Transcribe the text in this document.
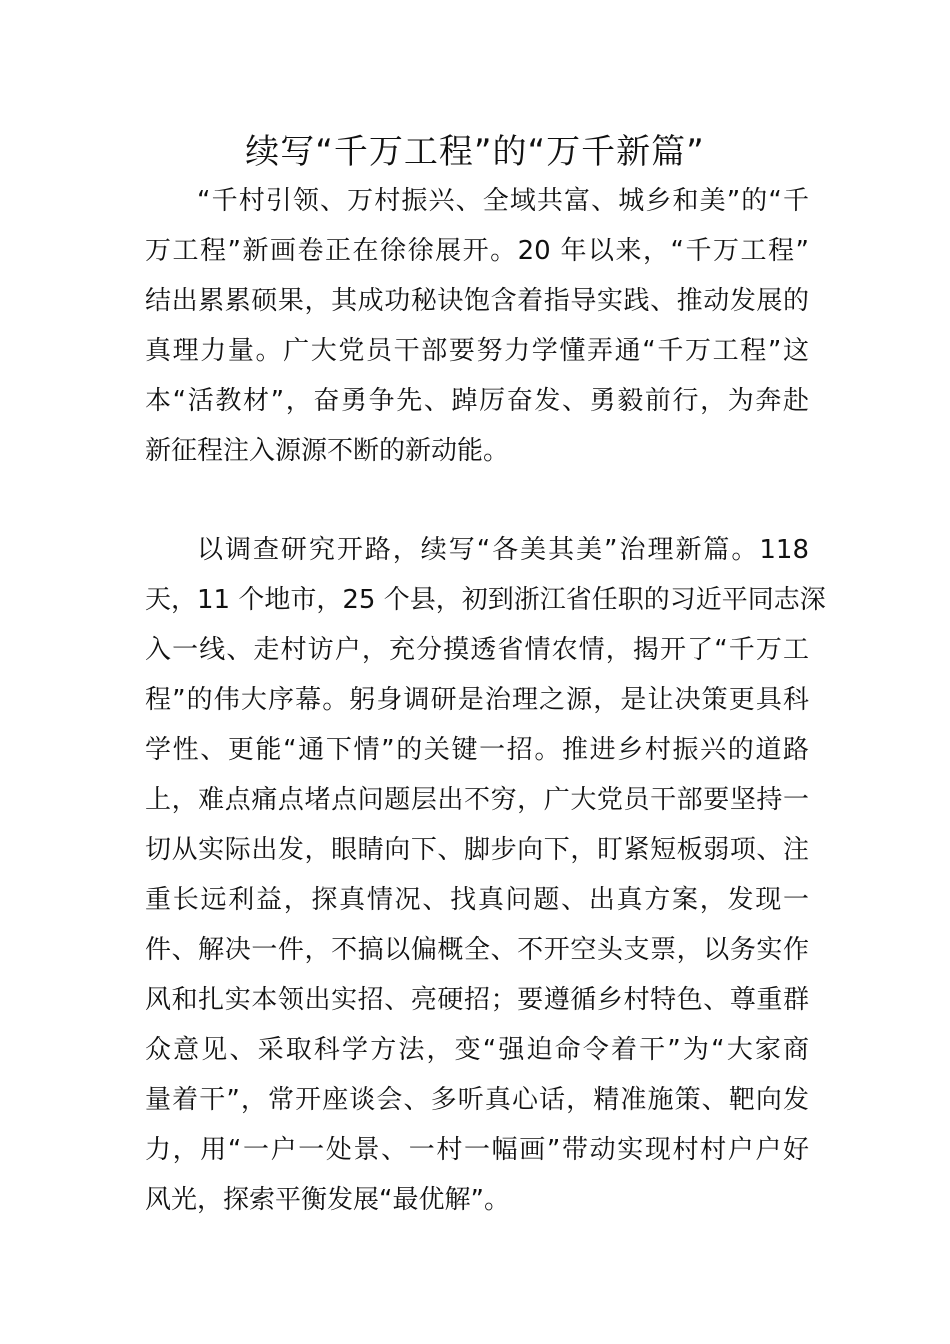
续写“千万工程”的“万千新篇”
“千村引领、万村振兴、全域共富、城乡和美”的“千
万工程”新画卷正在徐徐展开。20 年以来，“千万工程”
结出累累硕果，其成功秘诀饱含着指导实践、推动发展的
真理力量。广大党员干部要努力学懂弄通“千万工程”这
本“活教材”，奋勇争先、踔厉奋发、勇毅前行，为奔赴
新征程注入源源不断的新动能。
以调查研究开路，续写“各美其美”治理新篇。118
天，11 个地市，25 个县，初到浙江省任职的习近平同志深
入一线、走村访户，充分摸透省情农情，揭开了“千万工
程”的伟大序幕。躬身调研是治理之源，是让决策更具科
学性、更能“通下情”的关键一招。推进乡村振兴的道路
上，难点痛点堵点问题层出不穷，广大党员干部要坚持一
切从实际出发，眼睛向下、脚步向下，盯紧短板弱项、注
重长远利益，探真情况、找真问题、出真方案，发现一
件、解决一件，不搞以偏概全、不开空头支票，以务实作
风和扎实本领出实招、亮硬招；要遵循乡村特色、尊重群
众意见、采取科学方法，变“强迫命令着干”为“大家商
量着干”，常开座谈会、多听真心话，精准施策、靶向发
力，用“一户一处景、一村一幅画”带动实现村村户户好
风光，探索平衡发展“最优解”。
